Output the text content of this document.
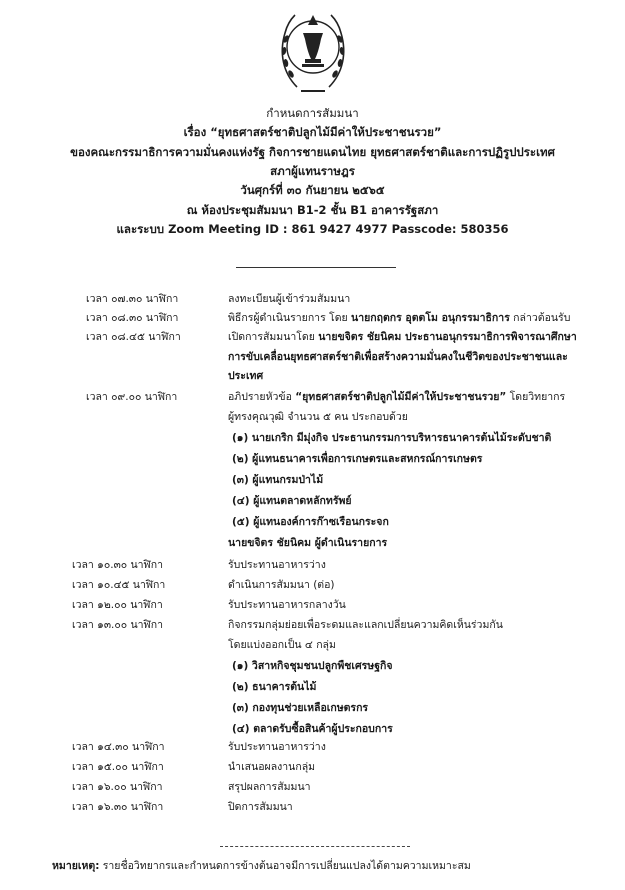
กำหนดการสัมมนา
เรื่อง “ยุทธศาสตร์ชาติปลูกไม้มีค่าให้ประชาชนรวย”
ของคณะกรรมาธิการความมั่นคงแห่งรัฐ กิจการชายแดนไทย ยุทธศาสตร์ชาติและการปฏิรูปประเทศ
สภาผู้แทนราษฎร
วันศุกร์ที่ ๓๐ กันยายน ๒๕๖๕
ณ ห้องประชุมสัมมนา B1-2 ชั้น B1 อาคารรัฐสภา
และระบบ Zoom Meeting ID : 861 9427 4977 Passcode: 580356
เวลา ๐๗.๓๐ นาฬิกา	ลงทะเบียนผู้เข้าร่วมสัมมนา
เวลา ๐๘.๓๐ นาฬิกา	พิธีกรผู้ดำเนินรายการ โดย นายกฤตกร อุตตโม อนุกรรมาธิการ กล่าวต้อนรับ
เวลา ๐๘.๔๕ นาฬิกา	เปิดการสัมมนาโดย นายขจิตร ชัยนิคม ประธานอนุกรรมาธิการพิจารณาศึกษา
การขับเคลื่อนยุทธศาสตร์ชาติเพื่อสร้างความมั่นคงในชีวิตของประชาชนและ
ประเทศ
เวลา ๐๙.๐๐ นาฬิกา	อภิปรายหัวข้อ “ยุทธศาสตร์ชาติปลูกไม้มีค่าให้ประชาชนรวย” โดยวิทยากร
ผู้ทรงคุณวุฒิ จำนวน ๕ คน ประกอบด้วย
(๑) นายเกริก มีมุ่งกิจ ประธานกรรมการบริหารธนาคารต้นไม้ระดับชาติ
(๒) ผู้แทนธนาคารเพื่อการเกษตรและสหกรณ์การเกษตร
(๓) ผู้แทนกรมป่าไม้
(๔) ผู้แทนตลาดหลักทรัพย์
(๕) ผู้แทนองค์การก๊าซเรือนกระจก
นายขจิตร ชัยนิคม ผู้ดำเนินรายการ
เวลา ๑๐.๓๐ นาฬิกา	รับประทานอาหารว่าง
เวลา ๑๐.๔๕ นาฬิกา	ดำเนินการสัมมนา (ต่อ)
เวลา ๑๒.๐๐ นาฬิกา	รับประทานอาหารกลางวัน
เวลา ๑๓.๐๐ นาฬิกา	กิจกรรมกลุ่มย่อยเพื่อระดมและแลกเปลี่ยนความคิดเห็นร่วมกัน
โดยแบ่งออกเป็น ๔ กลุ่ม
(๑) วิสาหกิจชุมชนปลูกพืชเศรษฐกิจ
(๒) ธนาคารต้นไม้
(๓) กองทุนช่วยเหลือเกษตรกร
(๔) ตลาดรับซื้อสินค้าผู้ประกอบการ
เวลา ๑๔.๓๐ นาฬิกา	รับประทานอาหารว่าง
เวลา ๑๕.๐๐ นาฬิกา	นำเสนอผลงานกลุ่ม
เวลา ๑๖.๐๐ นาฬิกา	สรุปผลการสัมมนา
เวลา ๑๖.๓๐ นาฬิกา	ปิดการสัมมนา
หมายเหตุ: รายชื่อวิทยากรและกำหนดการข้างต้นอาจมีการเปลี่ยนแปลงได้ตามความเหมาะสม
